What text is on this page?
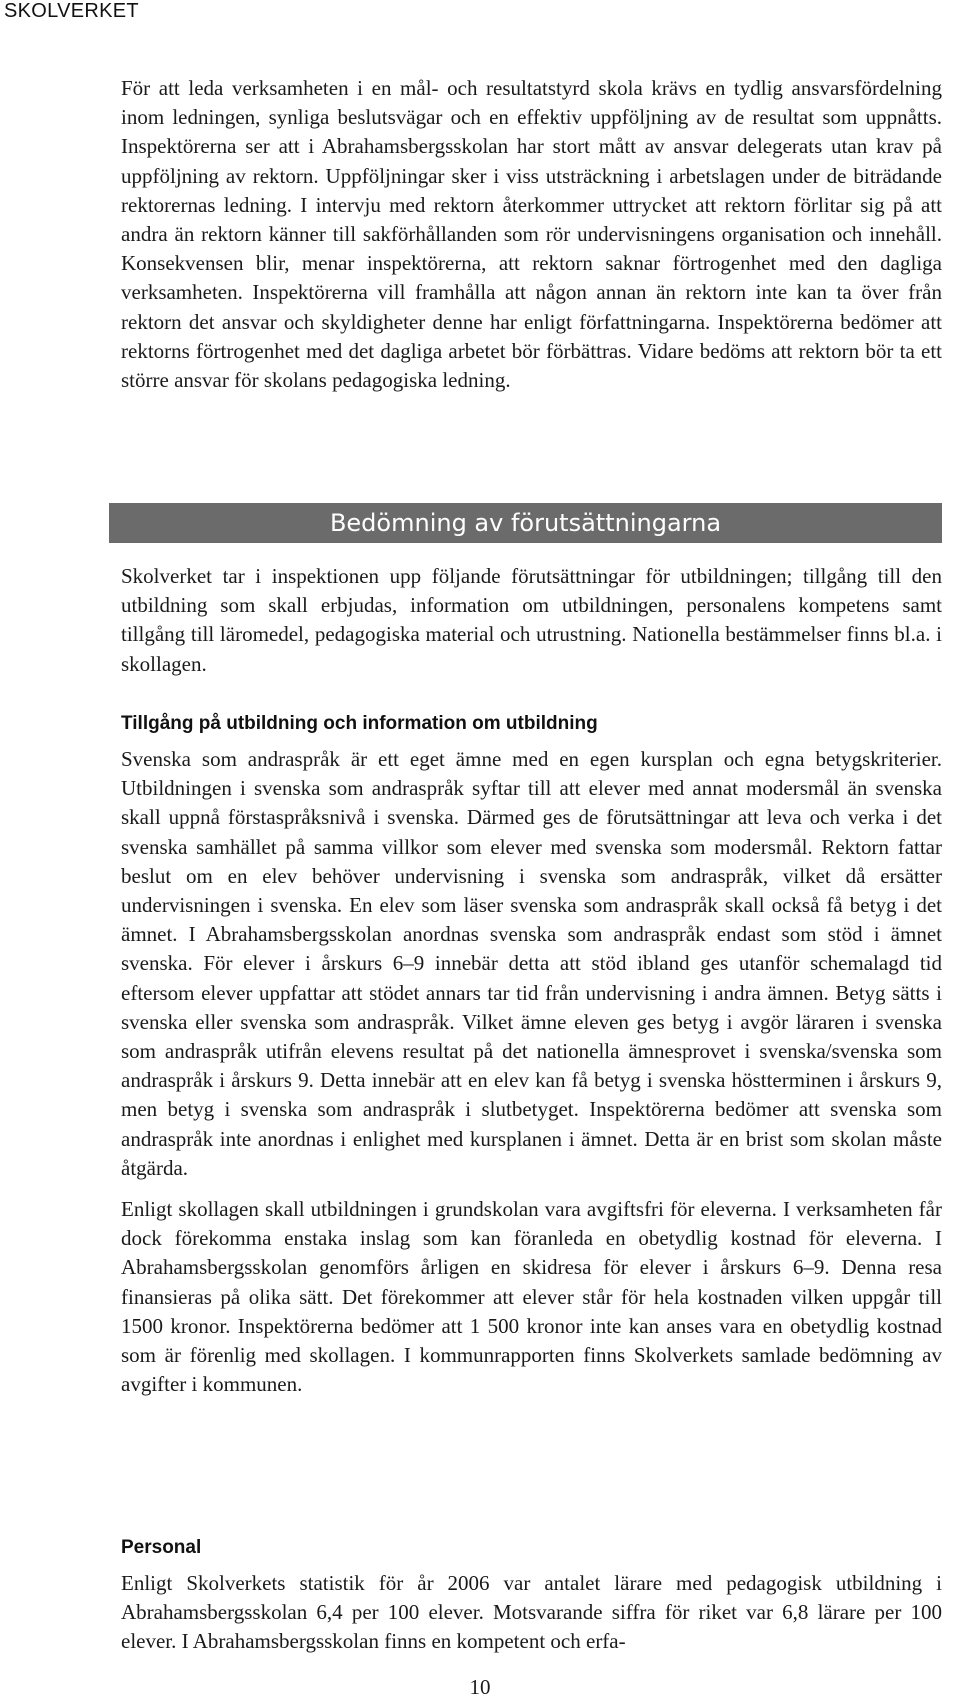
SKOLVERKET

För att leda verksamheten i en mål- och resultatstyrd skola krävs en tydlig ansvarsfördelning inom ledningen, synliga beslutsvägar och en effektiv uppföljning av de resultat som uppnåtts. Inspektörerna ser att i Abrahamsbergsskolan har stort mått av ansvar delegerats utan krav på uppföljning av rektorn. Uppföljningar sker i viss utsträckning i arbetslagen under de biträdande rektorernas ledning. I intervju med rektorn återkommer uttrycket att rektorn förlitar sig på att andra än rektorn känner till sakförhållanden som rör undervisningens organisation och innehåll. Konsekvensen blir, menar inspektörerna, att rektorn saknar förtrogenhet med den dagliga verksamheten. Inspektörerna vill framhålla att någon annan än rektorn inte kan ta över från rektorn det ansvar och skyldigheter denne har enligt författningarna. Inspektörerna bedömer att rektorns förtrogenhet med det dagliga arbetet bör förbättras. Vidare bedöms att rektorn bör ta ett större ansvar för skolans pedagogiska ledning.

Bedömning av förutsättningarna

Skolverket tar i inspektionen upp följande förutsättningar för utbildningen; tillgång till den utbildning som skall erbjudas, information om utbildningen, personalens kompetens samt tillgång till läromedel, pedagogiska material och utrustning. Nationella bestämmelser finns bl.a. i skollagen.

Tillgång på utbildning och information om utbildning

Svenska som andraspråk är ett eget ämne med en egen kursplan och egna betygskriterier. Utbildningen i svenska som andraspråk syftar till att elever med annat modersmål än svenska skall uppnå förstaspråksnivå i svenska. Därmed ges de förutsättningar att leva och verka i det svenska samhället på samma villkor som elever med svenska som modersmål. Rektorn fattar beslut om en elev behöver undervisning i svenska som andraspråk, vilket då ersätter undervisningen i svenska. En elev som läser svenska som andraspråk skall också få betyg i det ämnet. I Abrahamsbergsskolan anordnas svenska som andraspråk endast som stöd i ämnet svenska. För elever i årskurs 6–9 innebär detta att stöd ibland ges utanför schemalagd tid eftersom elever uppfattar att stödet annars tar tid från undervisning i andra ämnen. Betyg sätts i svenska eller svenska som andraspråk. Vilket ämne eleven ges betyg i avgör läraren i svenska som andraspråk utifrån elevens resultat på det nationella ämnesprovet i svenska/svenska som andraspråk i årskurs 9. Detta innebär att en elev kan få betyg i svenska höstterminen i årskurs 9, men betyg i svenska som andraspråk i slutbetyget. Inspektörerna bedömer att svenska som andraspråk inte anordnas i enlighet med kursplanen i ämnet. Detta är en brist som skolan måste åtgärda.

Enligt skollagen skall utbildningen i grundskolan vara avgiftsfri för eleverna. I verksamheten får dock förekomma enstaka inslag som kan föranleda en obetydlig kostnad för eleverna. I Abrahamsbergsskolan genomförs årligen en skidresa för elever i årskurs 6–9. Denna resa finansieras på olika sätt. Det förekommer att elever står för hela kostnaden vilken uppgår till 1500 kronor. Inspektörerna bedömer att 1 500 kronor inte kan anses vara en obetydlig kostnad som är förenlig med skollagen. I kommunrapporten finns Skolverkets samlade bedömning av avgifter i kommunen.

Personal

Enligt Skolverkets statistik för år 2006 var antalet lärare med pedagogisk utbildning i Abrahamsbergsskolan 6,4 per 100 elever. Motsvarande siffra för riket var 6,8 lärare per 100 elever. I Abrahamsbergsskolan finns en kompetent och erfa-

10
